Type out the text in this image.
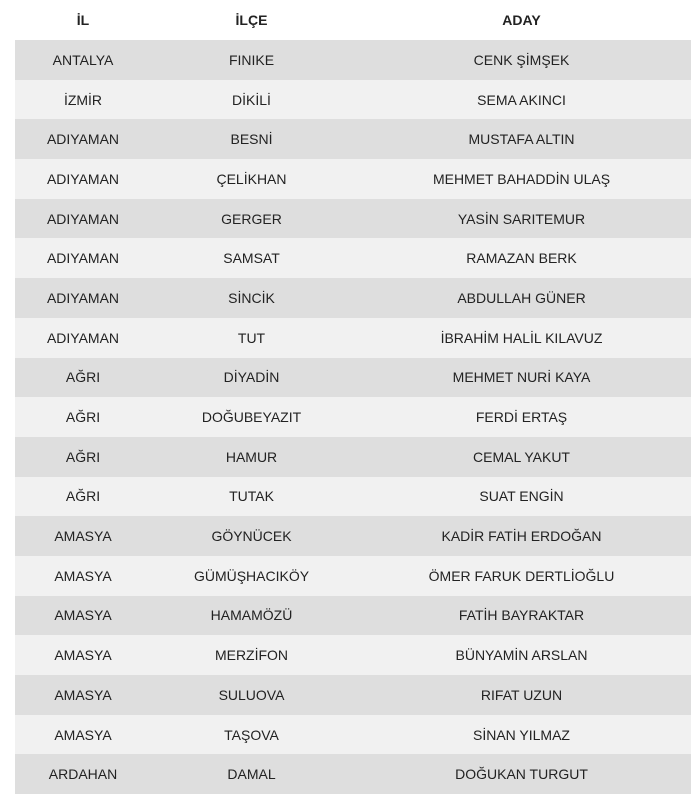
İL	İLÇE	ADAY
ANTALYA	FINIKE	CENK ŞİMŞEK
İZMİR	DİKİLİ	SEMA AKINCI
ADIYAMAN	BESNİ	MUSTAFA ALTIN
ADIYAMAN	ÇELİKHAN	MEHMET BAHADDİN ULAŞ
ADIYAMAN	GERGER	YASİN SARITEMUR
ADIYAMAN	SAMSAT	RAMAZAN BERK
ADIYAMAN	SİNCİK	ABDULLAH GÜNER
ADIYAMAN	TUT	İBRAHİM HALİL KILAVUZ
AĞRI	DİYADİN	MEHMET NURİ KAYA
AĞRI	DOĞUBEYAZIT	FERDİ ERTAŞ
AĞRI	HAMUR	CEMAL YAKUT
AĞRI	TUTAK	SUAT ENGİN
AMASYA	GÖYNÜCEK	KADİR FATİH ERDOĞAN
AMASYA	GÜMÜŞHACIKÖY	ÖMER FARUK DERTLİOĞLU
AMASYA	HAMAMÖZÜ	FATİH BAYRAKTAR
AMASYA	MERZİFON	BÜNYAMİN ARSLAN
AMASYA	SULUOVA	RIFAT UZUN
AMASYA	TAŞOVA	SİNAN YILMAZ
ARDAHAN	DAMAL	DOĞUKAN TURGUT
